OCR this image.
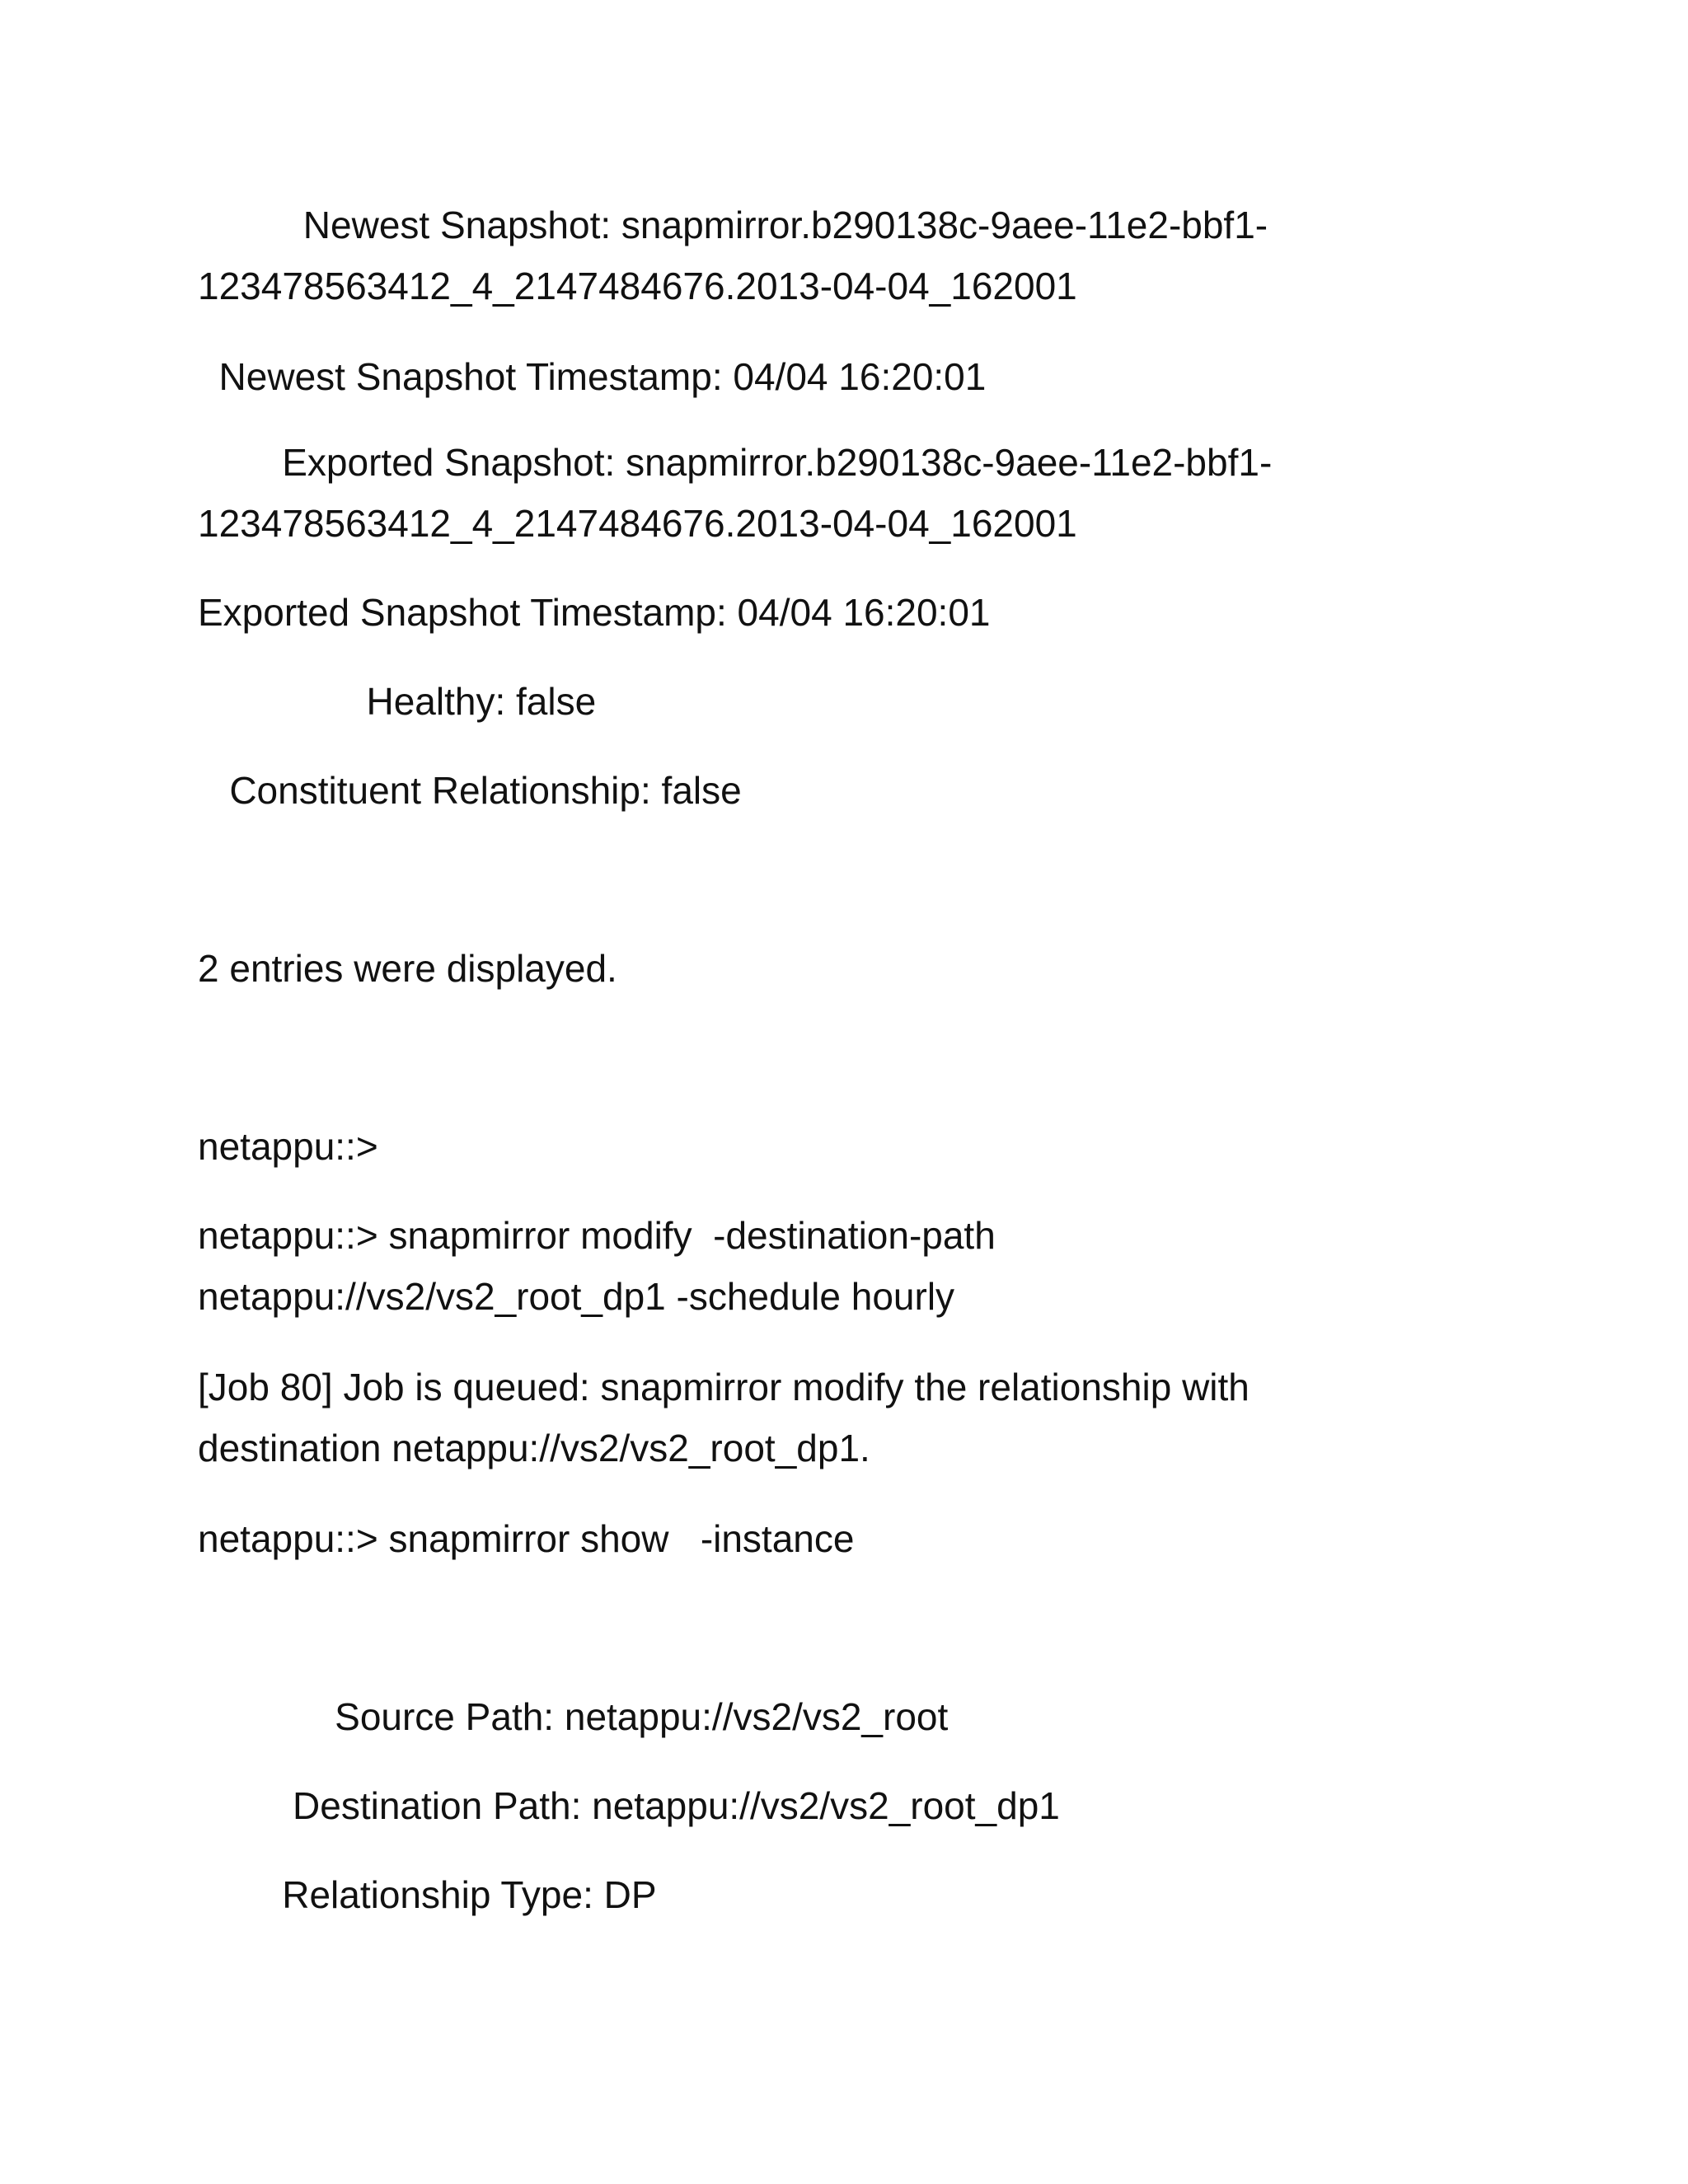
Newest Snapshot: snapmirror.b290138c-9aee-11e2-bbf1-
123478563412_4_2147484676.2013-04-04_162001

Newest Snapshot Timestamp: 04/04 16:20:01

Exported Snapshot: snapmirror.b290138c-9aee-11e2-bbf1-
123478563412_4_2147484676.2013-04-04_162001

Exported Snapshot Timestamp: 04/04 16:20:01

Healthy: false

Constituent Relationship: false

2 entries were displayed.

netappu::>

netappu::> snapmirror modify  -destination-path
netappu://vs2/vs2_root_dp1 -schedule hourly

[Job 80] Job is queued: snapmirror modify the relationship with
destination netappu://vs2/vs2_root_dp1.

netappu::> snapmirror show   -instance

Source Path: netappu://vs2/vs2_root

Destination Path: netappu://vs2/vs2_root_dp1

Relationship Type: DP
